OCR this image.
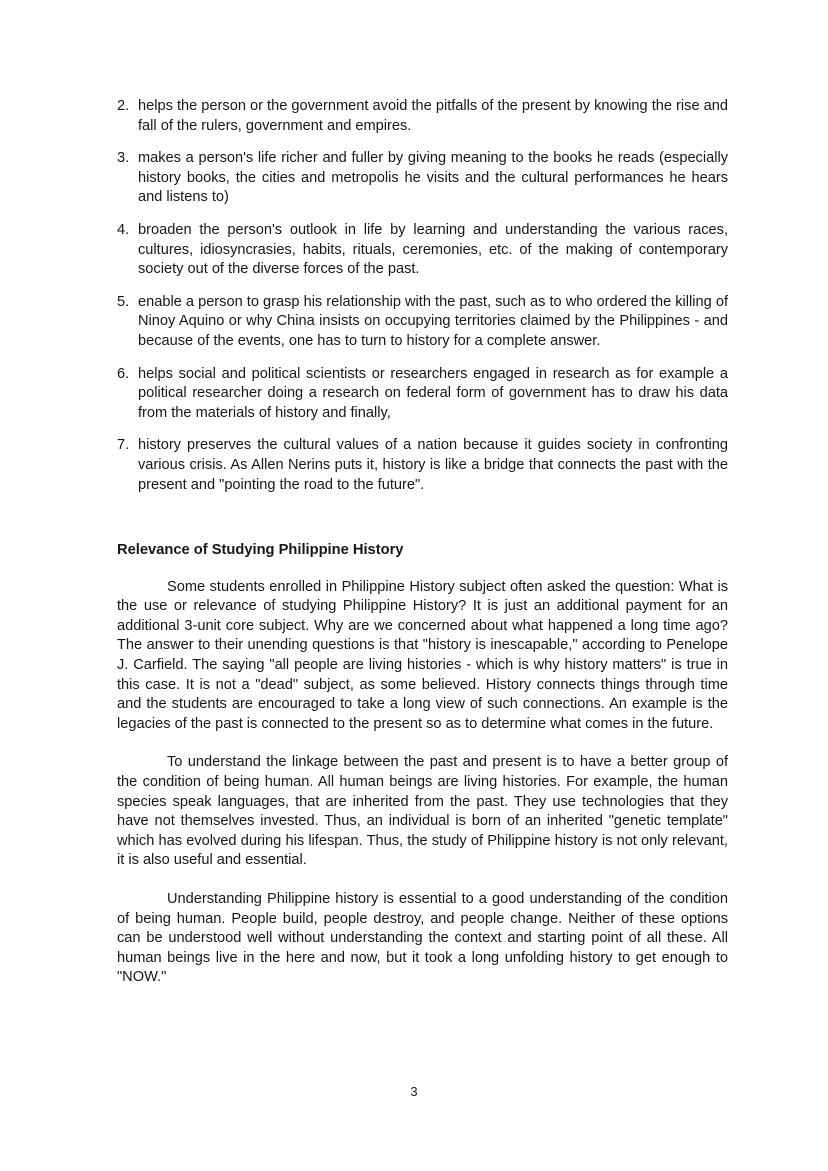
2. helps the person or the government avoid the pitfalls of the present by knowing the rise and fall of the rulers, government and empires.
3. makes a person's life richer and fuller by giving meaning to the books he reads (especially history books, the cities and metropolis he visits and the cultural performances he hears and listens to)
4. broaden the person's outlook in life by learning and understanding the various races, cultures, idiosyncrasies, habits, rituals, ceremonies, etc. of the making of contemporary society out of the diverse forces of the past.
5. enable a person to grasp his relationship with the past, such as to who ordered the killing of Ninoy Aquino or why China insists on occupying territories claimed by the Philippines - and because of the events, one has to turn to history for a complete answer.
6. helps social and political scientists or researchers engaged in research as for example a political researcher doing a research on federal form of government has to draw his data from the materials of history and finally,
7. history preserves the cultural values of a nation because it guides society in confronting various crisis. As Allen Nerins puts it, history is like a bridge that connects the past with the present and "pointing the road to the future".
Relevance of Studying Philippine History

Some students enrolled in Philippine History subject often asked the question: What is the use or relevance of studying Philippine History? It is just an additional payment for an additional 3-unit core subject. Why are we concerned about what happened a long time ago? The answer to their unending questions is that "history is inescapable," according to Penelope J. Carfield. The saying "all people are living histories - which is why history matters" is true in this case. It is not a "dead" subject, as some believed. History connects things through time and the students are encouraged to take a long view of such connections. An example is the legacies of the past is connected to the present so as to determine what comes in the future.

To understand the linkage between the past and present is to have a better group of the condition of being human. All human beings are living histories. For example, the human species speak languages, that are inherited from the past. They use technologies that they have not themselves invested. Thus, an individual is born of an inherited "genetic template" which has evolved during his lifespan. Thus, the study of Philippine history is not only relevant, it is also useful and essential.

Understanding Philippine history is essential to a good understanding of the condition of being human. People build, people destroy, and people change. Neither of these options can be understood well without understanding the context and starting point of all these. All human beings live in the here and now, but it took a long unfolding history to get enough to "NOW."

3
